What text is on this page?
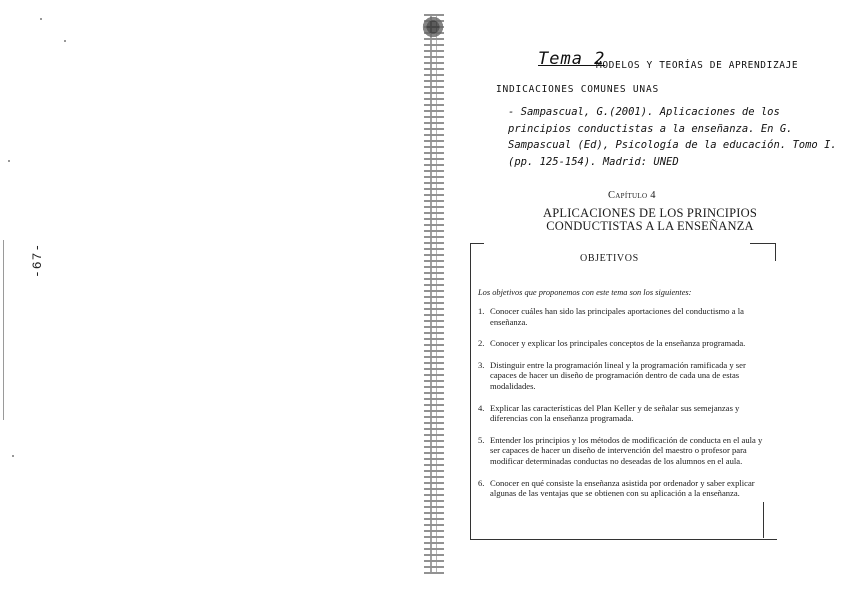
-67-
Tema 2
MODELOS Y TEORÍAS DE APRENDIZAJE
INDICACIONES COMUNES UNAS
- Sampascual, G.(2001). Aplicaciones de los principios conductistas a la enseñanza. En G. Sampascual (Ed), Psicología de la educación. Tomo I. (pp. 125-154). Madrid: UNED
Capítulo 4
APLICACIONES DE LOS PRINCIPIOS
CONDUCTISTAS A LA ENSEÑANZA
OBJETIVOS
Los objetivos que proponemos con este tema son los siguientes:
1. Conocer cuáles han sido las principales aportaciones del conductismo a la enseñanza.
2. Conocer y explicar los principales conceptos de la enseñanza programada.
3. Distinguir entre la programación lineal y la programación ramificada y ser capaces de hacer un diseño de programación dentro de cada una de estas modalidades.
4. Explicar las características del Plan Keller y de señalar sus semejanzas y diferencias con la enseñanza programada.
5. Entender los principios y los métodos de modificación de conducta en el aula y ser capaces de hacer un diseño de intervención del maestro o profesor para modificar determinadas conductas no deseadas de los alumnos en el aula.
6. Conocer en qué consiste la enseñanza asistida por ordenador y saber explicar algunas de las ventajas que se obtienen con su aplicación a la enseñanza.
